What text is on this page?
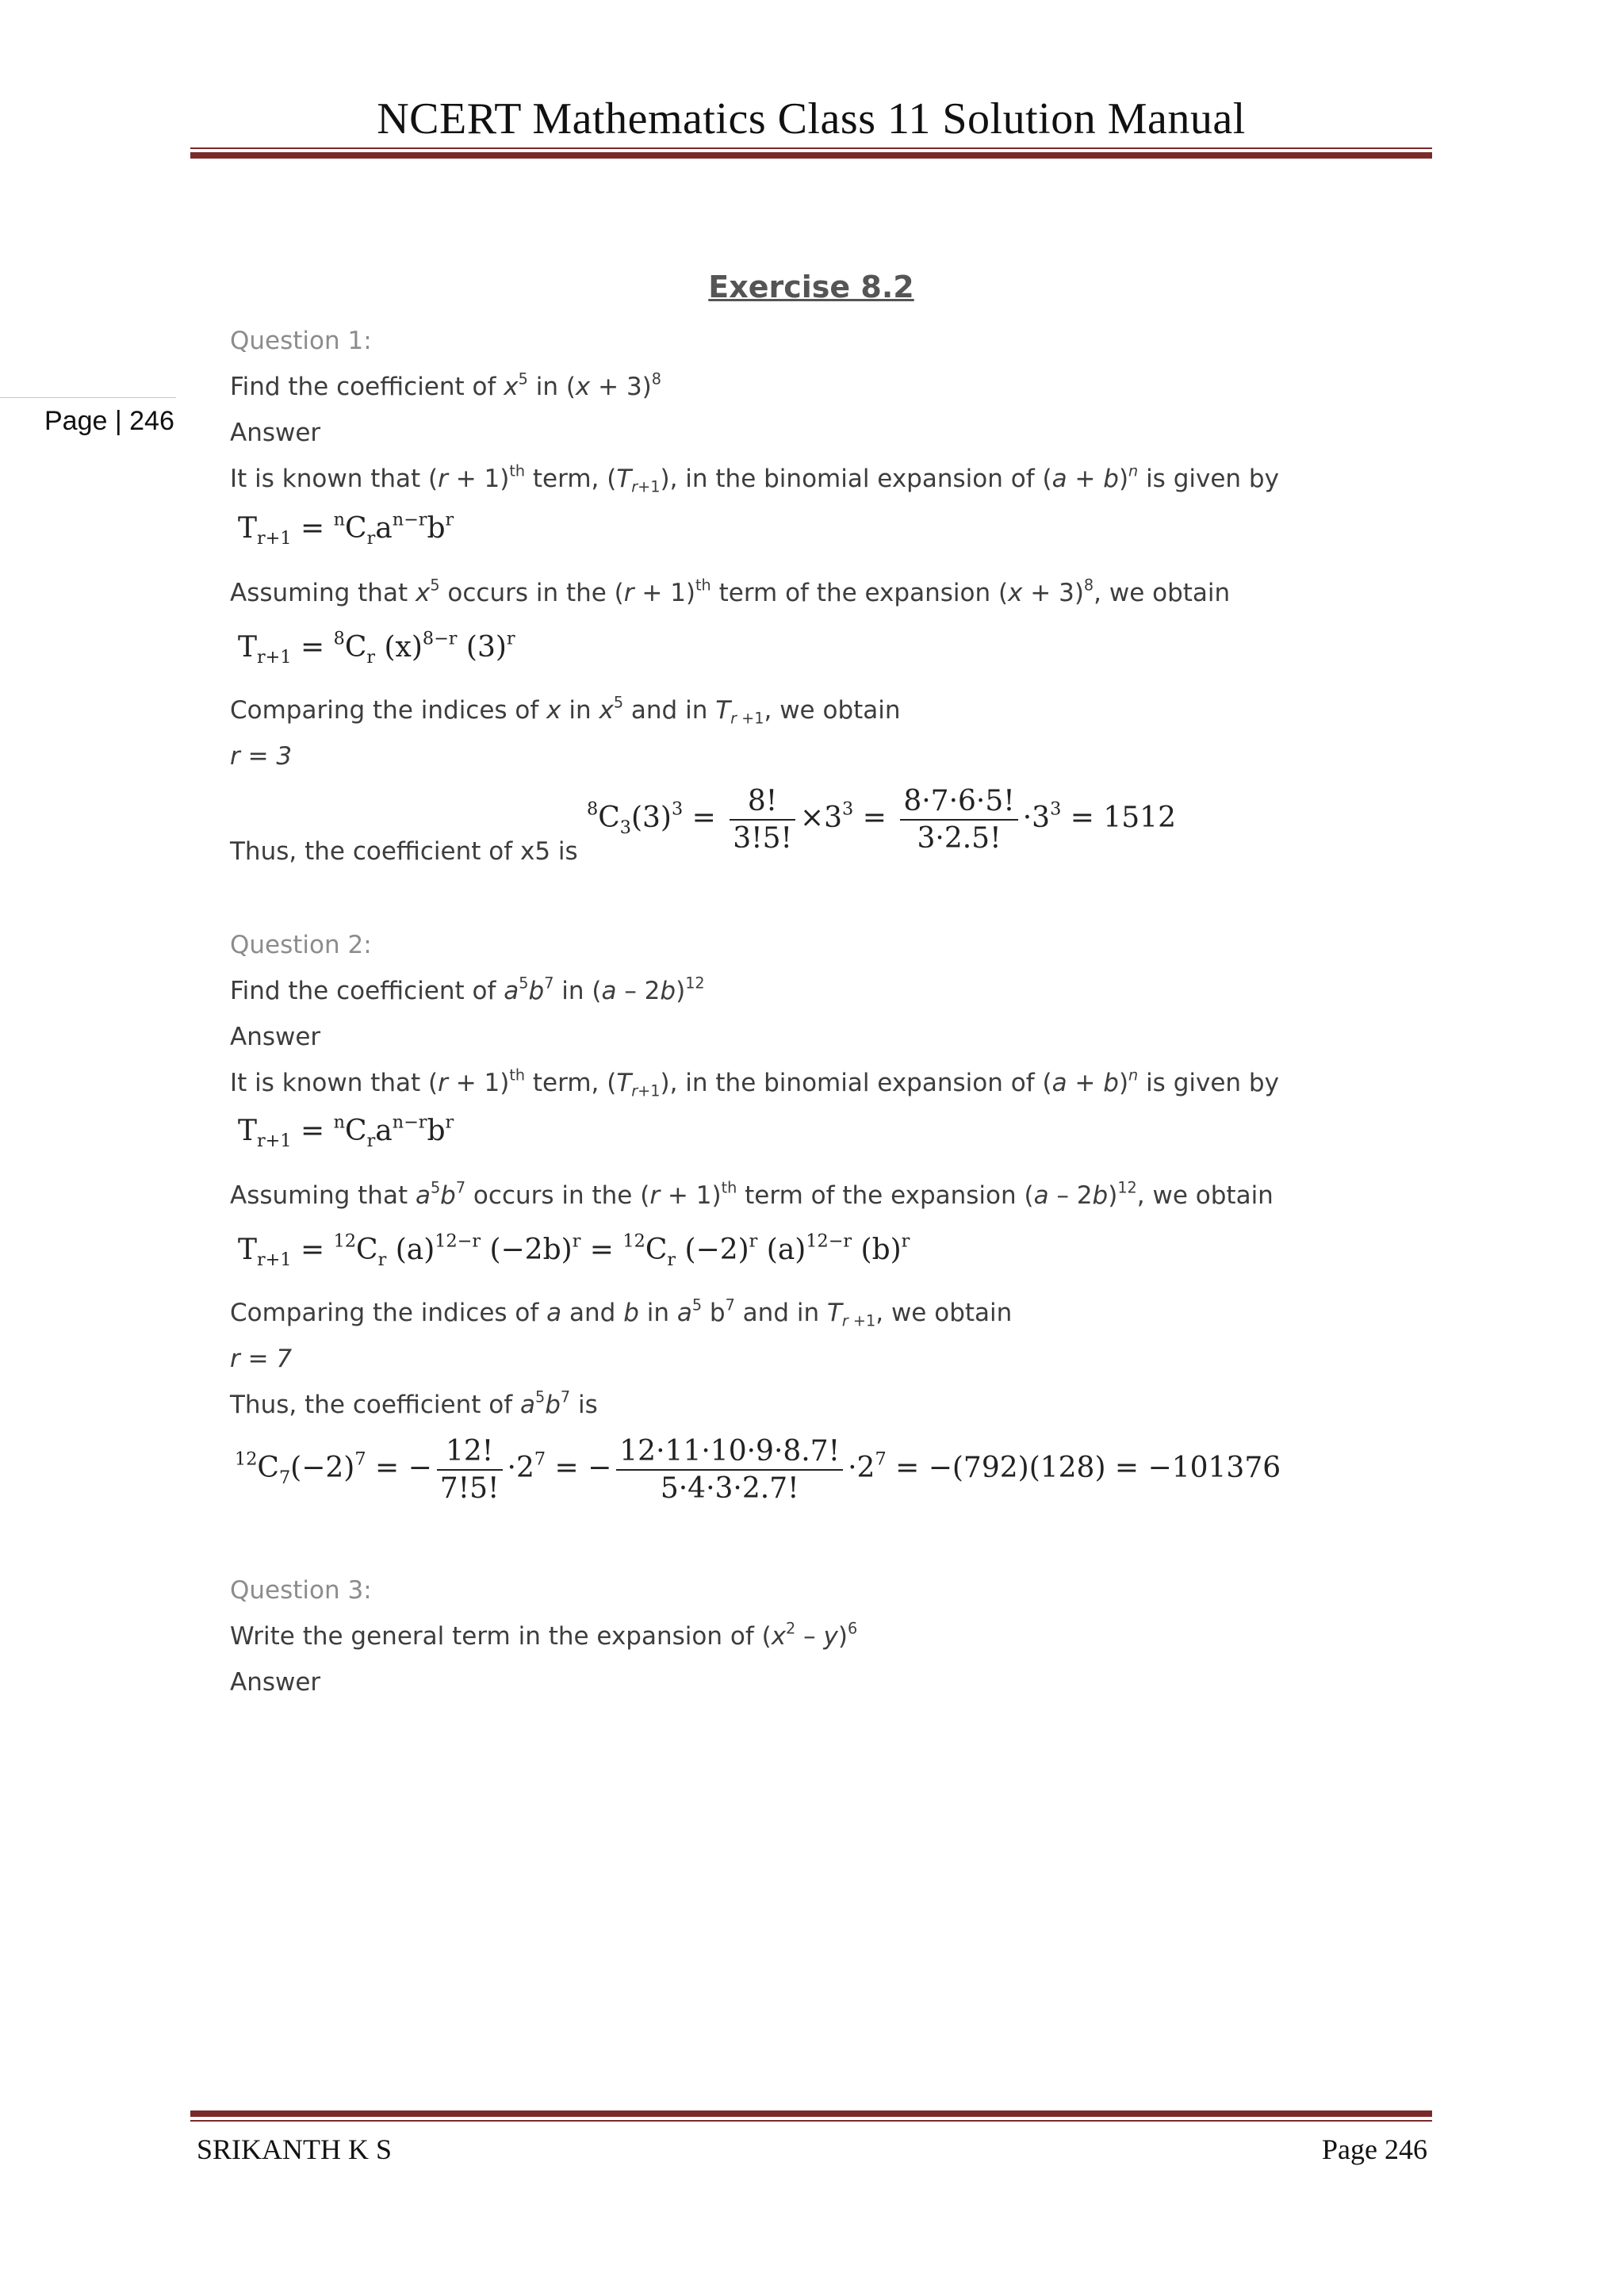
NCERT Mathematics Class 11 Solution Manual
Page | 246
Exercise 8.2
Question 1:
Find the coefficient of $x^5$ in $(x + 3)^8$
Answer
It is known that $(r + 1)^{th}$ term, $(T_{r+1})$, in the binomial expansion of $(a + b)^n$ is given by
$T_{r+1} = ^nC_ra^{n-r}b^r$
Assuming that $x^5$ occurs in the $(r + 1)^{th}$ term of the expansion $(x + 3)^8$, we obtain
$T_{r+1} = ^8C_r$ $(x)^{8-r}$ $(3)^r$
Comparing the indices of x in $x^5$ and in $T_{r +1}$, we obtain
r = 3
Thus, the coefficient of x5 is
$^8C_3(3)^3 = \frac{8!}{3!5!} \times 3^3 = \frac{8\cdot 7\cdot 6\cdot 5!}{3\cdot 2.5!} \cdot 3^3 = 1512$
Question 2:
Find the coefficient of $a^5b^7$ in (a – 2b)$^{12}$
Answer
It is known that $(r + 1)^{th}$ term, $(T_{r+1})$, in the binomial expansion of $(a + b)^n$ is given by
$T_{r+1} = ^nC_ra^{n-r}b^r$
Assuming that $a^5b^7$ occurs in the $(r + 1)^{th}$ term of the expansion (a – 2b)$^{12}$, we obtain
$T_{r+1} = ^{12}C_r$ $(a)^{12-r}$ $(-2b)^r = ^{12}C_r$ $(-2)^r$ $(a)^{12-r}$ $(b)^r$
Comparing the indices of a and b in $a^5$ $b^7$ and in $T_{r +1}$, we obtain
r = 7
Thus, the coefficient of $a^5b^7$ is
$^{12}C_7(-2)^7$ = − $\frac{12!}{7!5!} \cdot 2^7$ = − $\frac{12\cdot 11\cdot 10\cdot 9\cdot 8.7!}{5\cdot 4\cdot 3\cdot 2.7!} \cdot 2^7 = -(792)(128) = -101376$
Question 3:
Write the general term in the expansion of $(x^2 - y)^6$
Answer
SRIKANTH K S	Page 246
